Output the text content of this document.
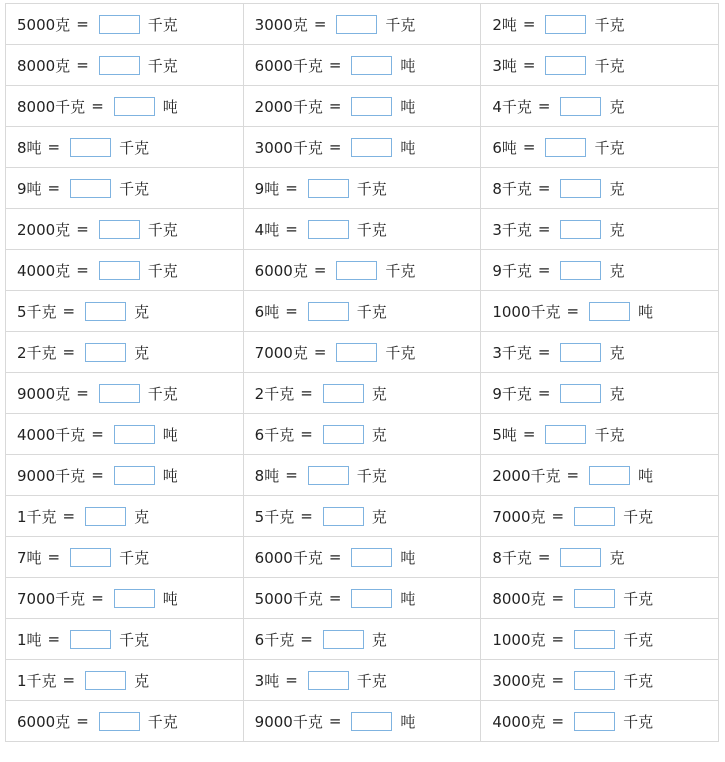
5000克 = 千克	3000克 = 千克	2吨 = 千克

8000克 = 千克	6000千克 = 吨	3吨 = 千克

8000千克 = 吨	2000千克 = 吨	4千克 = 克

8吨 = 千克	3000千克 = 吨	6吨 = 千克

9吨 = 千克	9吨 = 千克	8千克 = 克

2000克 = 千克	4吨 = 千克	3千克 = 克

4000克 = 千克	6000克 = 千克	9千克 = 克

5千克 = 克	6吨 = 千克	1000千克 = 吨

2千克 = 克	7000克 = 千克	3千克 = 克

9000克 = 千克	2千克 = 克	9千克 = 克

4000千克 = 吨	6千克 = 克	5吨 = 千克

9000千克 = 吨	8吨 = 千克	2000千克 = 吨

1千克 = 克	5千克 = 克	7000克 = 千克

7吨 = 千克	6000千克 = 吨	8千克 = 克

7000千克 = 吨	5000千克 = 吨	8000克 = 千克

1吨 = 千克	6千克 = 克	1000克 = 千克

1千克 = 克	3吨 = 千克	3000克 = 千克

6000克 = 千克	9000千克 = 吨	4000克 = 千克
